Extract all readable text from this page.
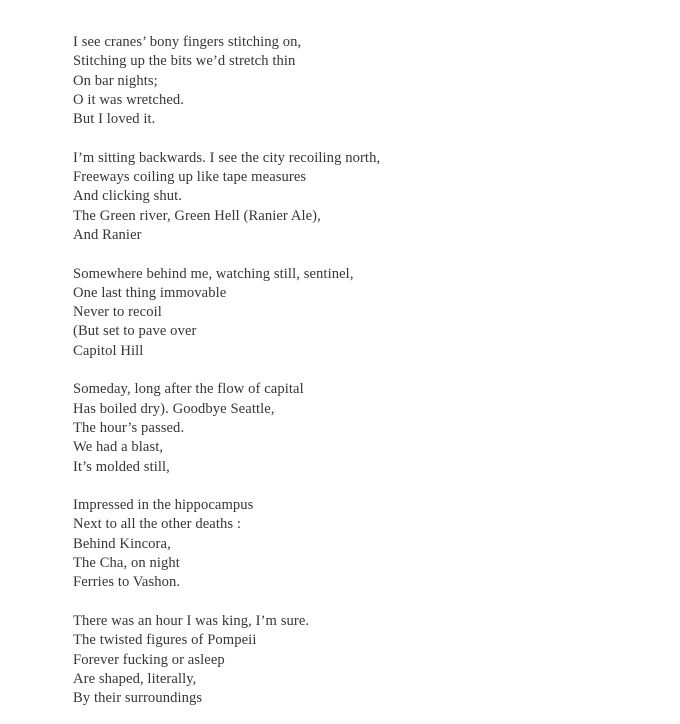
I see cranes’ bony fingers stitching on,
Stitching up the bits we’d stretch thin
On bar nights;
O it was wretched.
But I loved it.
I’m sitting backwards. I see the city recoiling north,
Freeways coiling up like tape measures
And clicking shut.
The Green river, Green Hell (Ranier Ale),
And Ranier
Somewhere behind me, watching still, sentinel,
One last thing immovable
Never to recoil
(But set to pave over
Capitol Hill
Someday, long after the flow of capital
Has boiled dry). Goodbye Seattle,
The hour’s passed.
We had a blast,
It’s molded still,
Impressed in the hippocampus
Next to all the other deaths :
Behind Kincora,
The Cha, on night
Ferries to Vashon.
There was an hour I was king, I’m sure.
The twisted figures of Pompeii
Forever fucking or asleep
Are shaped, literally,
By their surroundings
